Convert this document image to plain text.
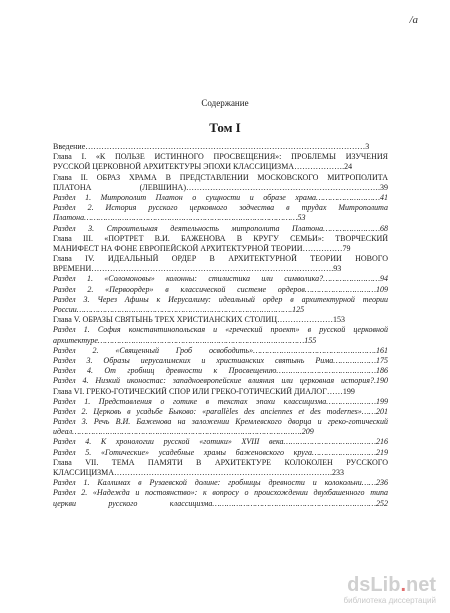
/a
Содержание
Том I
Введение……………………………………………………………………………………………3
Глава I. «К ПОЛЬЗЕ ИСТИННОГО ПРОСВЕЩЕНИЯ»: ПРОБЛЕМЫ ИЗУЧЕНИЯ
РУССКОЙ ЦЕРКОВНОЙ АРХИТЕКТУРЫ ЭПОХИ КЛАССИЦИЗМА……………….24
Глава II. ОБРАЗ ХРАМА В ПРЕДСТАВЛЕНИИ МОСКОВСКОГО МИТРОПОЛИТА
ПЛАТОНА (ЛЕВШИНА)……………………………………………………………….39
Раздел 1. Митрополит Платон о сущности и образе храма………………………41
Раздел 2. История русского церковного зодчества в трудах Митрополита
Платона………………………………………………………………………………53
Раздел 3. Строительная деятельность митрополита Платона……………………68
Глава III. «ПОРТРЕТ В.И. БАЖЕНОВА В КРУГУ СЕМЬИ»: ТВОРЧЕСКИЙ
МАНИФЕСТ НА ФОНЕ ЕВРОПЕЙСКОЙ АРХИТЕКТУРНОЙ ТЕОРИИ……………79
Глава IV. ИДЕАЛЬНЫЙ ОРДЕР В АРХИТЕКТУРНОЙ ТЕОРИИ НОВОГО
ВРЕМЕНИ……………………………………………………………………………….93
Раздел 1. «Соломоновы» колонны: стилистика или символика?……………………94
Раздел 2. «Первоордер» в классической системе ордеров…………………………109
Раздел 3. Через Афины к Иерусалиму: идеальный ордер в архитектурной теории
России……………………………………………………………………………….125
Глава V. ОБРАЗЫ СВЯТЫНЬ ТРЕХ ХРИСТИАНСКИХ СТОЛИЦ…………………153
Раздел 1. София константинопольская и «греческий проект» в русской церковной
архитектуре……………………………………………………………………………155
Раздел 2. «Священный Гроб освободить»…………………………………………….161
Раздел 3. Образы иерусалимских и христианских святынь Рима………………175
Раздел 4. От гробниц древности к Просвещению……………………………………186
Раздел 4. Низкий иконостас: западноевропейские влияния или церковная история?.190
Глава VI. ГРЕКО-ГОТИЧЕСКИЙ СПОР ИЛИ ГРЕКО-ГОТИЧЕСКИЙ ДИАЛОГ……199
Раздел 1. Представления о готике в текстах эпохи классицизма…………………199
Раздел 2. Церковь в усадьбе Быково: «parallèles des anciennes et des modernes»……201
Раздел 3. Речь В.И. Баженова на заложении Кремлевского дворца и греко-готический
идеал…………………………………………………………………………………….209
Раздел 4. К хронологии русской «готики» XVIII века…………………………………216
Раздел 5. «Готические» усадебные храмы баженовского круга………………………219
Глава VII. ТЕМА ПАМЯТИ В АРХИТЕКТУРЕ КОЛОКОЛЕН РУССКОГО
КЛАССИЦИЗМА……………………………………………………………………….233
Раздел 1. Каллимах в Рузаевской долине: гробницы древности и колокольни……236
Раздел 2. «Надежда и постоянство»: к вопросу о происхождении двухбашенного типа
церкви русского классицизма……………………………………………………………252
dsLib.net
библиотека диссертаций
